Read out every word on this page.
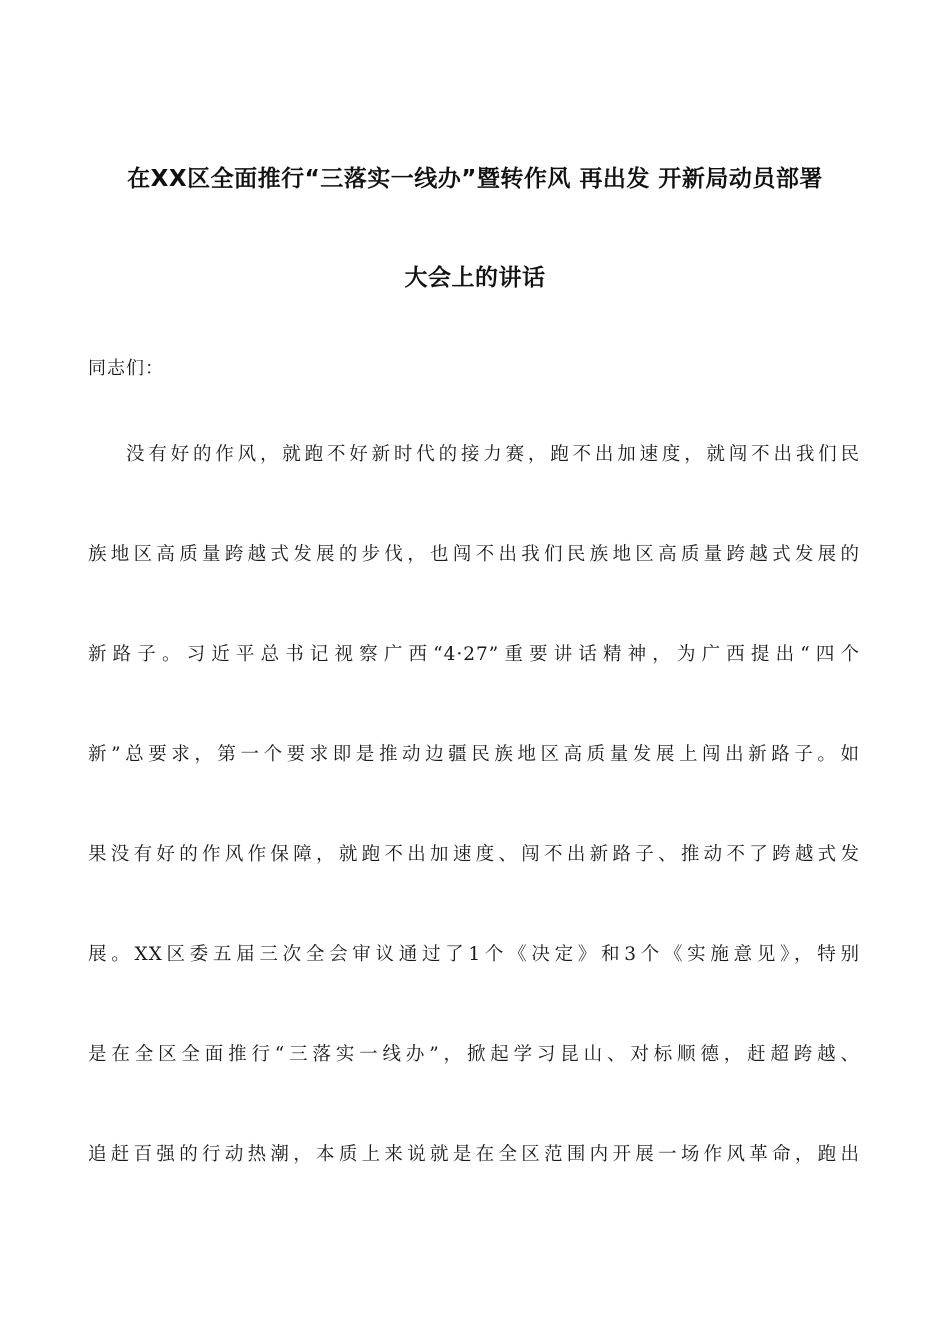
在XX区全面推行“三落实一线办”暨转作风 再出发 开新局动员部署
大会上的讲话
同志们：
没有好的作风，就跑不好新时代的接力赛，跑不出加速度，就闯不出我们民
族地区高质量跨越式发展的步伐，也闯不出我们民族地区高质量跨越式发展的
新路子。习近平总书记视察广西“4·27”重要讲话精神，为广西提出“四个
新”总要求，第一个要求即是推动边疆民族地区高质量发展上闯出新路子。如
果没有好的作风作保障，就跑不出加速度、闯不出新路子、推动不了跨越式发
展。XX区委五届三次全会审议通过了1个《决定》和3个《实施意见》，特别
是在全区全面推行“三落实一线办”，掀起学习昆山、对标顺德，赶超跨越、
追赶百强的行动热潮，本质上来说就是在全区范围内开展一场作风革命，跑出
